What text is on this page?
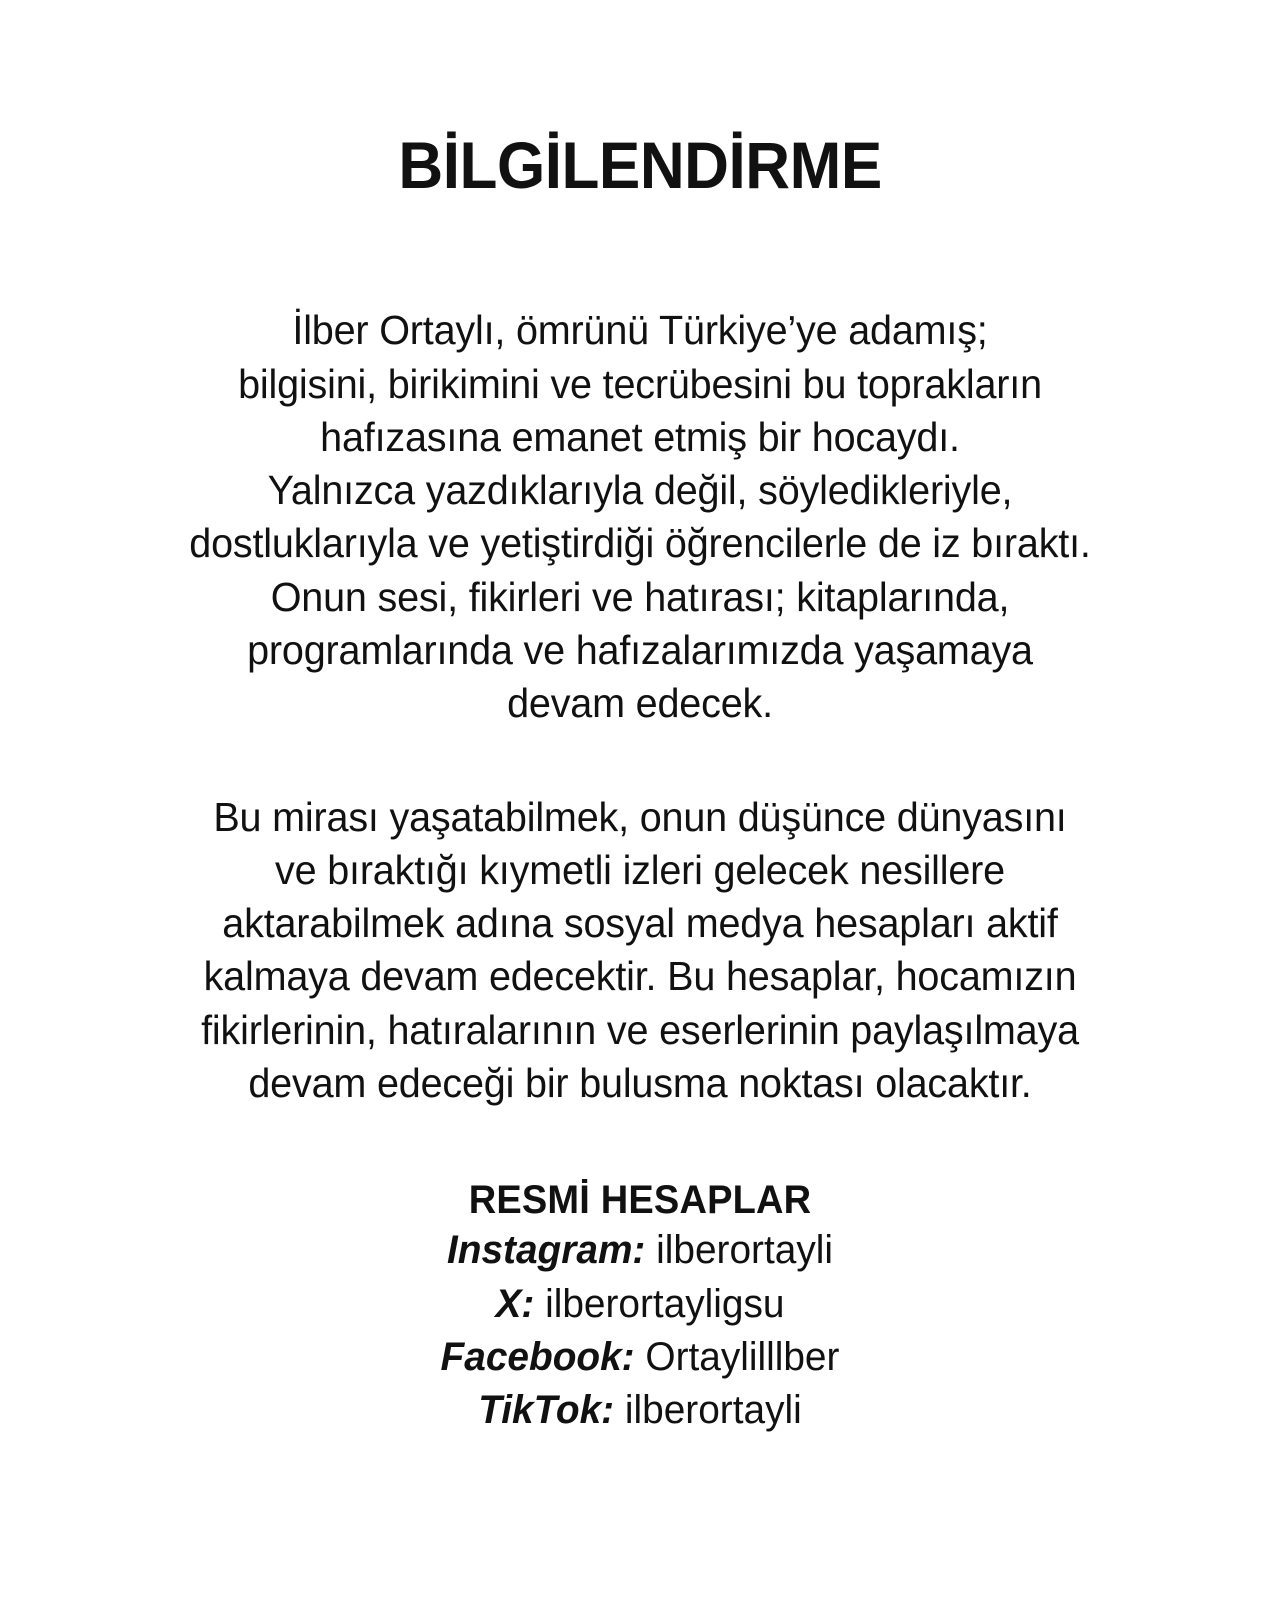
BİLGİLENDİRME
İlber Ortaylı, ömrünü Türkiye’ye adamış;
bilgisini, birikimini ve tecrübesini bu toprakların
hafızasına emanet etmiş bir hocaydı.
Yalnızca yazdıklarıyla değil, söyledikleriyle,
dostluklarıyla ve yetiştirdiği öğrencilerle de iz bıraktı.
Onun sesi, fikirleri ve hatırası; kitaplarında,
programlarında ve hafızalarımızda yaşamaya
devam edecek.
Bu mirası yaşatabilmek, onun düşünce dünyasını
ve bıraktığı kıymetli izleri gelecek nesillere
aktarabilmek adına sosyal medya hesapları aktif
kalmaya devam edecektir. Bu hesaplar, hocamızın
fikirlerinin, hatıralarının ve eserlerinin paylaşılmaya
devam edeceği bir bulusma noktası olacaktır.
RESMİ HESAPLAR
Instagram: ilberortayli
X: ilberortayligsu
Facebook: Ortaylilllber
TikTok: ilberortayli
